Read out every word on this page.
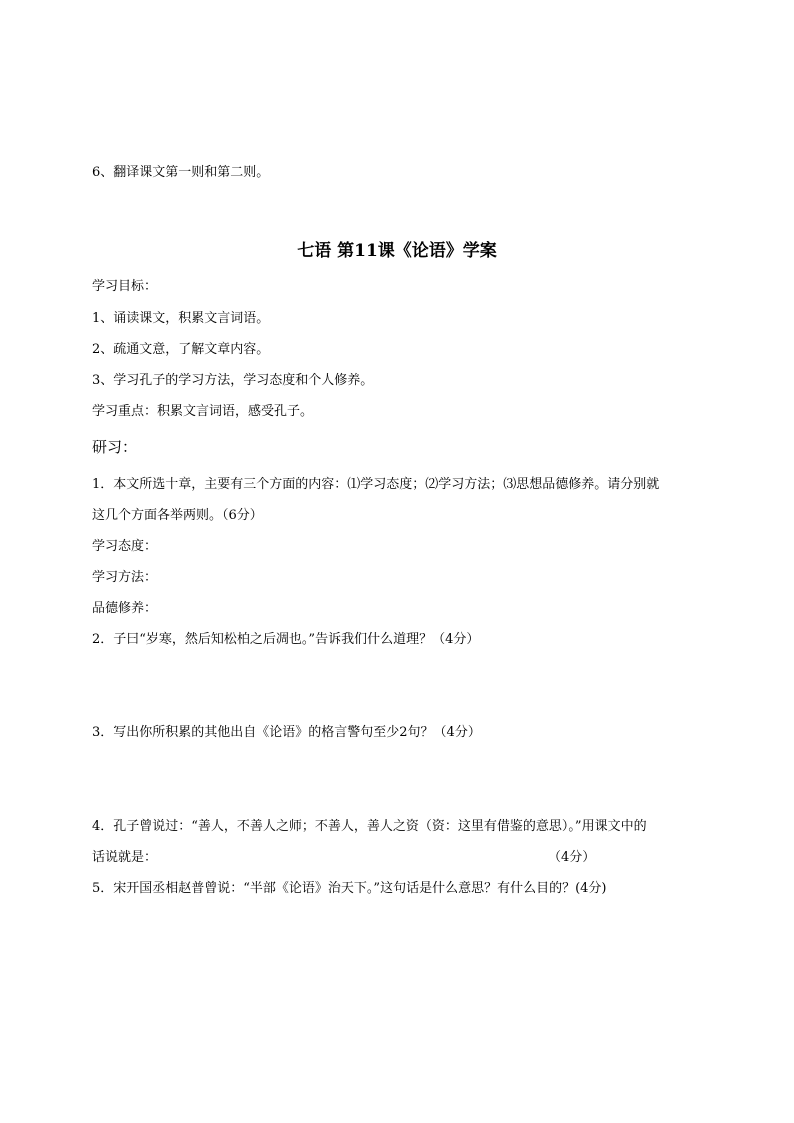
6、翻译课文第一则和第二则。
七语 第11课《论语》学案
学习目标：
1、诵读课文，积累文言词语。
2、疏通文意，了解文章内容。
3、学习孔子的学习方法，学习态度和个人修养。
学习重点：积累文言词语，感受孔子。
研习：
1．本文所选十章，主要有三个方面的内容：⑴学习态度；⑵学习方法；⑶思想品德修养。请分别就
这几个方面各举两则。（6分）
学习态度：
学习方法：
品德修养：
2．子曰“岁寒，然后知松柏之后凋也。”告诉我们什么道理？（4分）
3．写出你所积累的其他出自《论语》的格言警句至少2句？（4分）
4．孔子曾说过：“善人，不善人之师；不善人，善人之资（资：这里有借鉴的意思）。”用课文中的
话说就是：	（4分）
5．宋开国丞相赵普曾说：“半部《论语》治天下。”这句话是什么意思？有什么目的？(4分)
